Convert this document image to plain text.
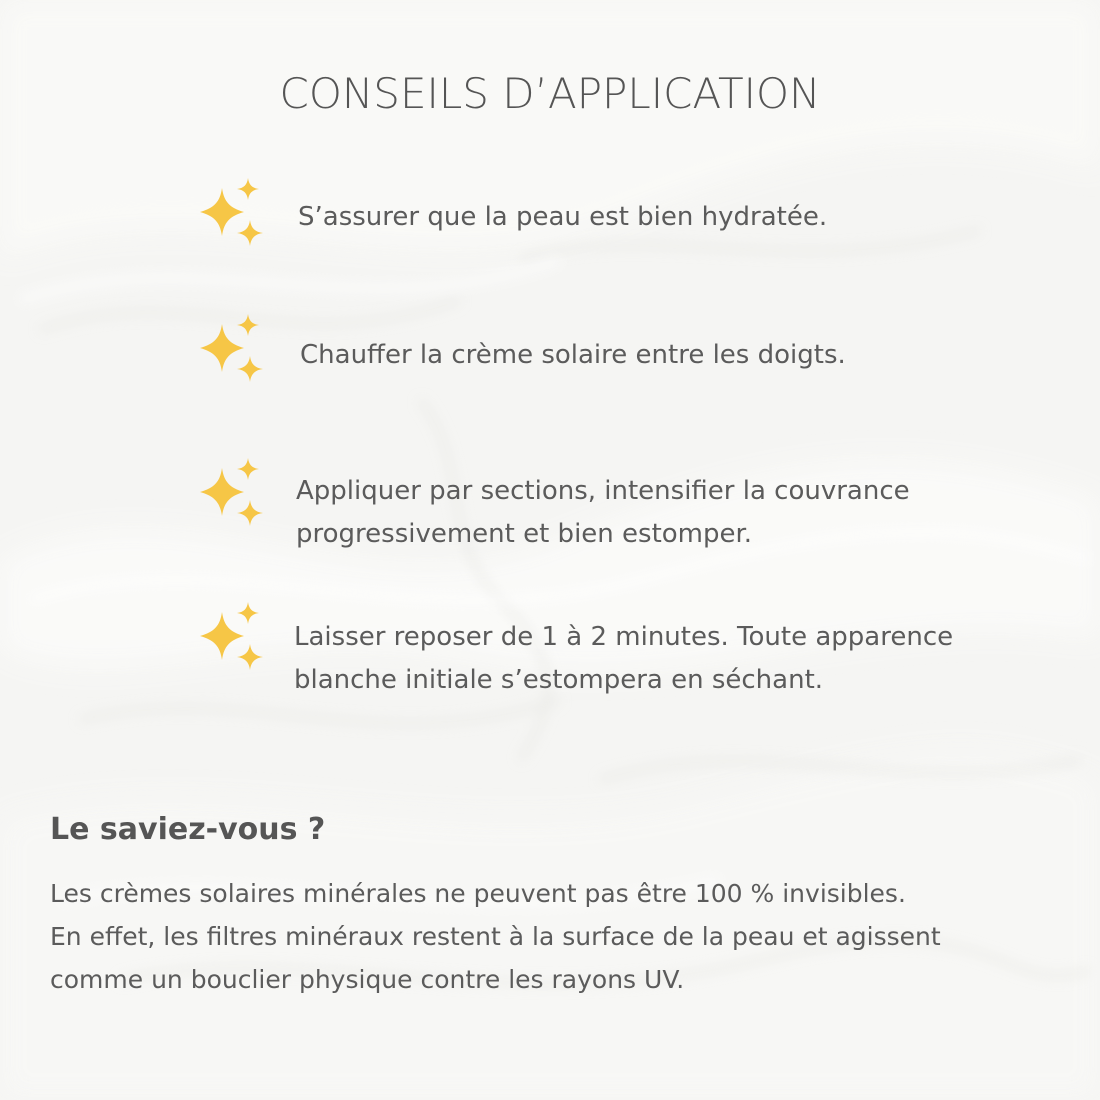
CONSEILS D’APPLICATION
S’assurer que la peau est bien hydratée.
Chauffer la crème solaire entre les doigts.
Appliquer par sections, intensifier la couvrance
progressivement et bien estomper.
Laisser reposer de 1 à 2 minutes. Toute apparence
blanche initiale s’estompera en séchant.
Le saviez-vous ?
Les crèmes solaires minérales ne peuvent pas être 100 % invisibles.
En effet, les filtres minéraux restent à la surface de la peau et agissent
comme un bouclier physique contre les rayons UV.
